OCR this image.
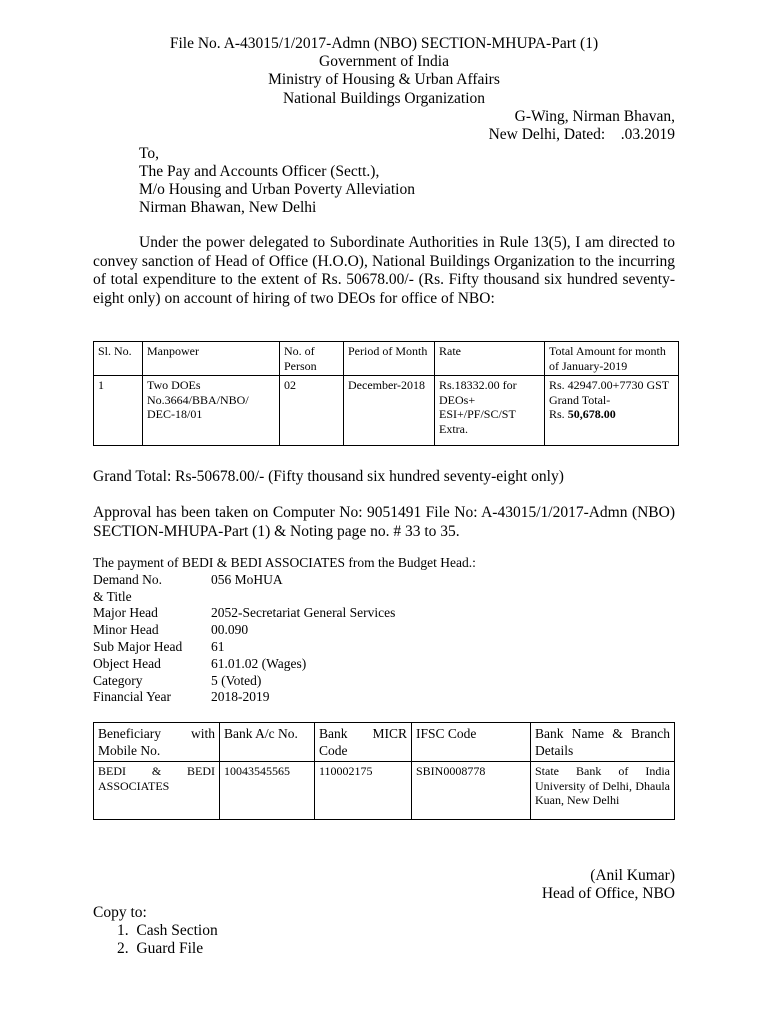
File No. A-43015/1/2017-Admn (NBO) SECTION-MHUPA-Part (1)
Government of India
Ministry of Housing & Urban Affairs
National Buildings Organization
G-Wing, Nirman Bhavan,
New Delhi, Dated:    .03.2019
To,
The Pay and Accounts Officer (Sectt.),
M/o Housing and Urban Poverty Alleviation
Nirman Bhawan, New Delhi
Under the power delegated to Subordinate Authorities in Rule 13(5), I am directed to convey sanction of Head of Office (H.O.O), National Buildings Organization to the incurring of total expenditure to the extent of Rs. 50678.00/- (Rs. Fifty thousand six hundred seventy-eight only) on account of hiring of two DEOs for office of NBO:
Sl. No.	Manpower	No. of Person	Period of Month	Rate	Total Amount for month of January-2019
1	Two DOEs No.3664/BBA/NBO/ DEC-18/01	02	December-2018	Rs.18332.00 for DEOs+ ESI+/PF/SC/ST Extra.	Rs. 42947.00+7730 GST
Grand Total-
Rs. 50,678.00
Grand Total: Rs-50678.00/- (Fifty thousand six hundred seventy-eight only)
Approval has been taken on Computer No: 9051491 File No: A-43015/1/2017-Admn (NBO) SECTION-MHUPA-Part (1) & Noting page no. # 33 to 35.
The payment of BEDI & BEDI ASSOCIATES from the Budget Head.:
Demand No.	056 MoHUA
& Title
Major Head	2052-Secretariat General Services
Minor Head	00.090
Sub Major Head 61
Object Head	61.01.02 (Wages)
Category	5 (Voted)
Financial Year	2018-2019
Beneficiary with Mobile No.	Bank A/c No.	Bank MICR Code	IFSC Code	Bank Name & Branch Details
BEDI & BEDI ASSOCIATES	10043545565	110002175	SBIN0008778	State Bank of India University of Delhi, Dhaula Kuan, New Delhi
(Anil Kumar)
Head of Office, NBO
Copy to:
1.  Cash Section
2.  Guard File
